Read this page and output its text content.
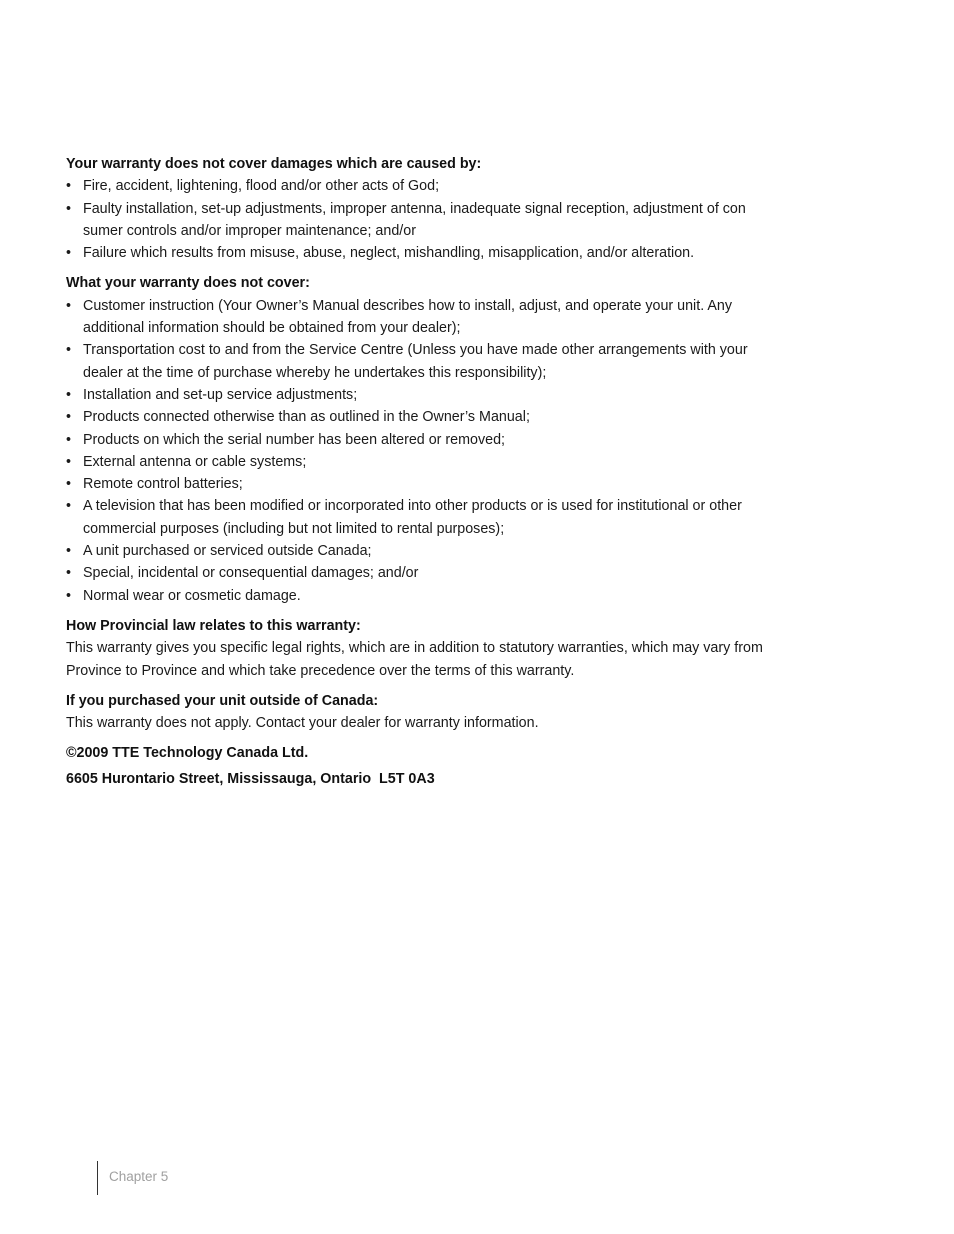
Your warranty does not cover damages which are caused by:

• Fire, accident, lightening, flood and/or other acts of God;
• Faulty installation, set-up adjustments, improper antenna, inadequate signal reception, adjustment of con sumer controls and/or improper maintenance; and/or
• Failure which results from misuse, abuse, neglect, mishandling, misapplication, and/or alteration.

What your warranty does not cover:

• Customer instruction (Your Owner’s Manual describes how to install, adjust, and operate your unit. Any additional information should be obtained from your dealer);
• Transportation cost to and from the Service Centre (Unless you have made other arrangements with your dealer at the time of purchase whereby he undertakes this responsibility);
• Installation and set-up service adjustments;
• Products connected otherwise than as outlined in the Owner’s Manual;
• Products on which the serial number has been altered or removed;
• External antenna or cable systems;
• Remote control batteries;
• A television that has been modified or incorporated into other products or is used for institutional or other commercial purposes (including but not limited to rental purposes);
• A unit purchased or serviced outside Canada;
• Special, incidental or consequential damages; and/or
• Normal wear or cosmetic damage.

How Provincial law relates to this warranty:

This warranty gives you specific legal rights, which are in addition to statutory warranties, which may vary from Province to Province and which take precedence over the terms of this warranty.

If you purchased your unit outside of Canada:

This warranty does not apply. Contact your dealer for warranty information.

©2009 TTE Technology Canada Ltd.

6605 Hurontario Street, Mississauga, Ontario  L5T 0A3

Chapter 5
